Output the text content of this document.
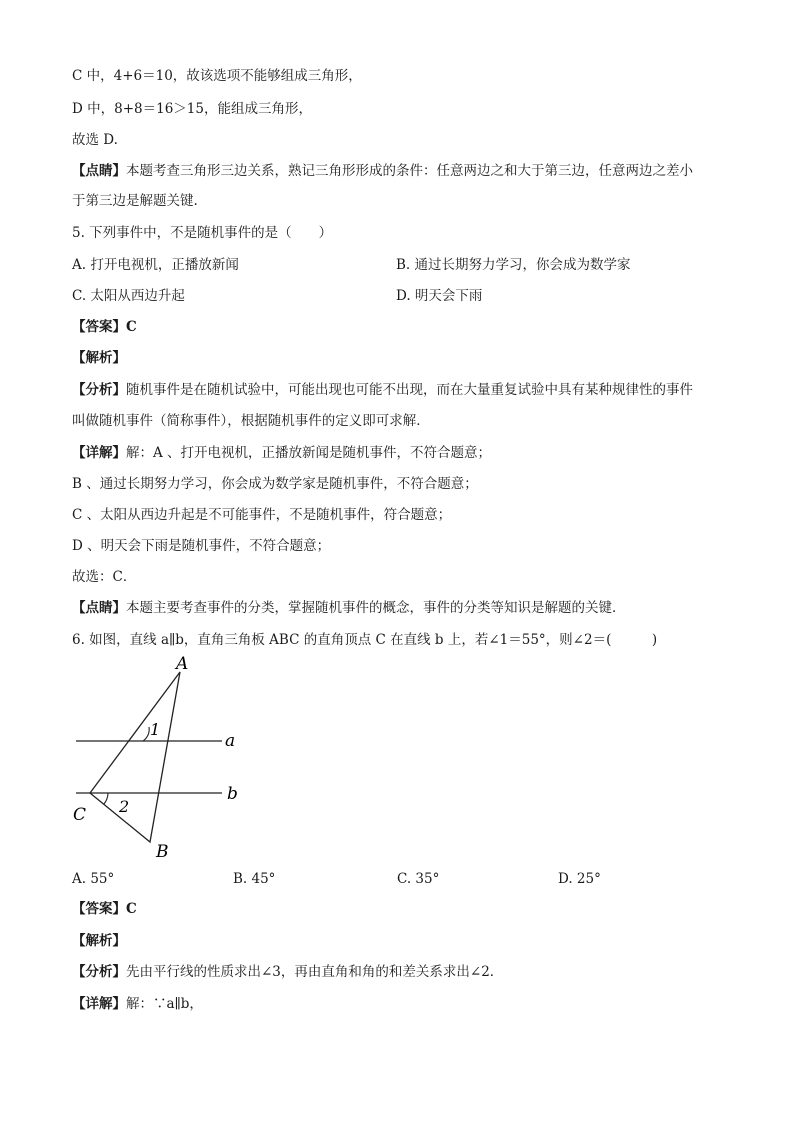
C 中，4+6＝10，故该选项不能够组成三角形，
D 中，8+8＝16＞15，能组成三角形，
故选 D.
【点睛】本题考查三角形三边关系，熟记三角形形成的条件：任意两边之和大于第三边，任意两边之差小
于第三边是解题关键.
5. 下列事件中，不是随机事件的是（　　）
A. 打开电视机，正播放新闻	B. 通过长期努力学习，你会成为数学家
C. 太阳从西边升起	D. 明天会下雨
【答案】C
【解析】
【分析】随机事件是在随机试验中，可能出现也可能不出现，而在大量重复试验中具有某种规律性的事件
叫做随机事件（简称事件），根据随机事件的定义即可求解．
【详解】解：A 、打开电视机，正播放新闻是随机事件，不符合题意；
B 、通过长期努力学习，你会成为数学家是随机事件，不符合题意；
C 、太阳从西边升起是不可能事件，不是随机事件，符合题意；
D 、明天会下雨是随机事件，不符合题意；
故选：C．
【点睛】本题主要考查事件的分类，掌握随机事件的概念，事件的分类等知识是解题的关键．
6. 如图，直线 a∥b，直角三角板 ABC 的直角顶点 C 在直线 b 上，若∠1＝55°，则∠2＝(　　　)
A
B
C
a
b
1
2
A. 55°	B. 45°	C. 35°	D. 25°
【答案】C
【解析】
【分析】先由平行线的性质求出∠3，再由直角和角的和差关系求出∠2．
【详解】解：∵a∥b，
